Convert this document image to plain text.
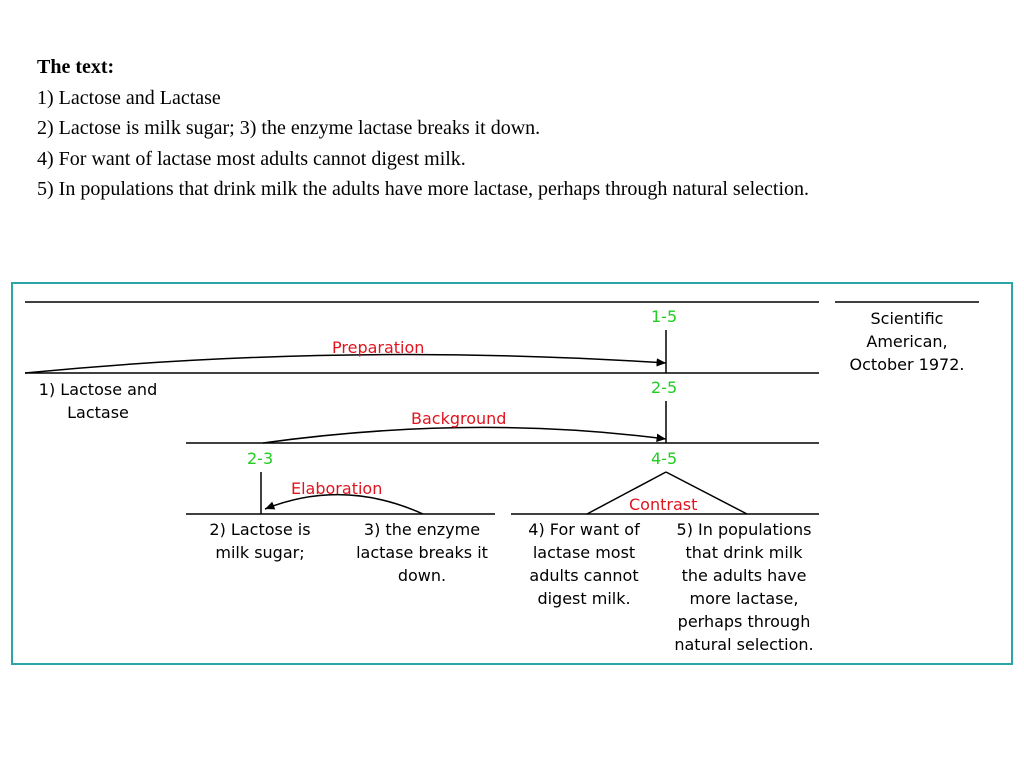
The text:
1) Lactose and Lactase
2) Lactose is milk sugar; 3) the enzyme lactase breaks it down.
4) For want of lactase most adults cannot digest milk.
5) In populations that drink milk the adults have more lactase, perhaps through natural selection.
1-5
2-5
2-3	4-5
Preparation
Background
Elaboration
Contrast
Scientific
American,
October 1972.
1) Lactose and
Lactase
2) Lactose is
milk sugar;
3) the enzyme
lactase breaks it
down.
4) For want of
lactase most
adults cannot
digest milk.
5) In populations
that drink milk
the adults have
more lactase,
perhaps through
natural selection.
